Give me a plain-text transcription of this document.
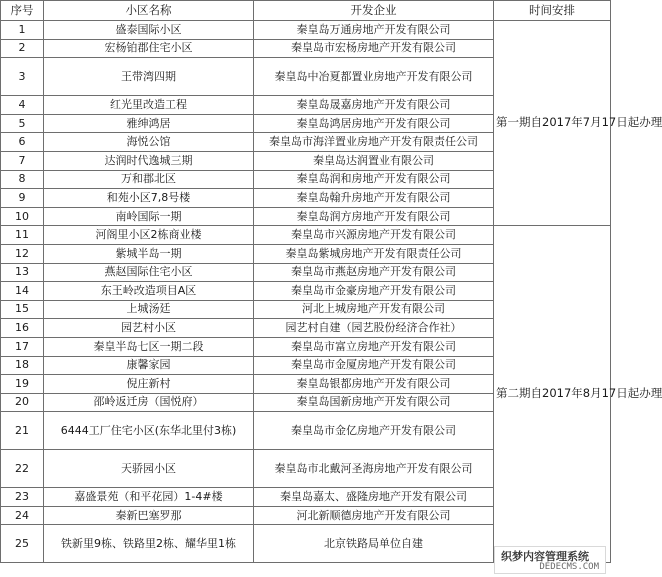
序号	小区名称	开发企业	时间安排
1	盛泰国际小区	秦皇岛万通房地产开发有限公司	第一期自2017年7月17日起办理
2	宏杨铂郡住宅小区	秦皇岛市宏杨房地产开发有限公司	
3	王带湾四期	秦皇岛中冶夏都置业房地产开发有限公司	
4	红光里改造工程	秦皇岛晟嘉房地产开发有限公司	
5	雅绅鸿居	秦皇岛鸿居房地产开发有限公司	
6	海悦公馆	秦皇岛市海洋置业房地产开发有限责任公司	
7	达润时代逸城三期	秦皇岛达润置业有限公司	
8	万和郡北区	秦皇岛润和房地产开发有限公司	
9	和苑小区7,8号楼	秦皇岛翰升房地产开发有限公司	
10	南岭国际一期	秦皇岛润方房地产开发有限公司	
11	河阁里小区2栋商业楼	秦皇岛市兴源房地产开发有限公司	第二期自2017年8月17日起办理
12	紫城半岛一期	秦皇岛紫城房地产开发有限责任公司	
13	燕赵国际住宅小区	秦皇岛市燕赵房地产开发有限公司	
14	东王岭改造项目A区	秦皇岛市金豪房地产开发有限公司	
15	上城汤廷	河北上城房地产开发有限公司	
16	园艺村小区	园艺村自建（园艺股份经济合作社）	
17	秦皇半岛七区一期二段	秦皇岛市富立房地产开发有限公司	
18	康馨家园	秦皇岛市金厦房地产开发有限公司	
19	倪庄新村	秦皇岛银都房地产开发有限公司	
20	邵岭返迁房（国悦府）	秦皇岛国新房地产开发有限公司	
21	6444工厂住宅小区(东华北里付3栋)	秦皇岛市金亿房地产开发有限公司	
22	天骄园小区	秦皇岛市北戴河圣海房地产开发有限公司	
23	嘉盛景苑（和平花园）1-4#楼	秦皇岛嘉太、盛隆房地产开发有限公司	
24	秦新巴塞罗那	河北新顺德房地产开发有限公司	
25	铁新里9栋、铁路里2栋、耀华里1栋	北京铁路局单位自建	
织梦内容管理系统
DEDECMS.COM
